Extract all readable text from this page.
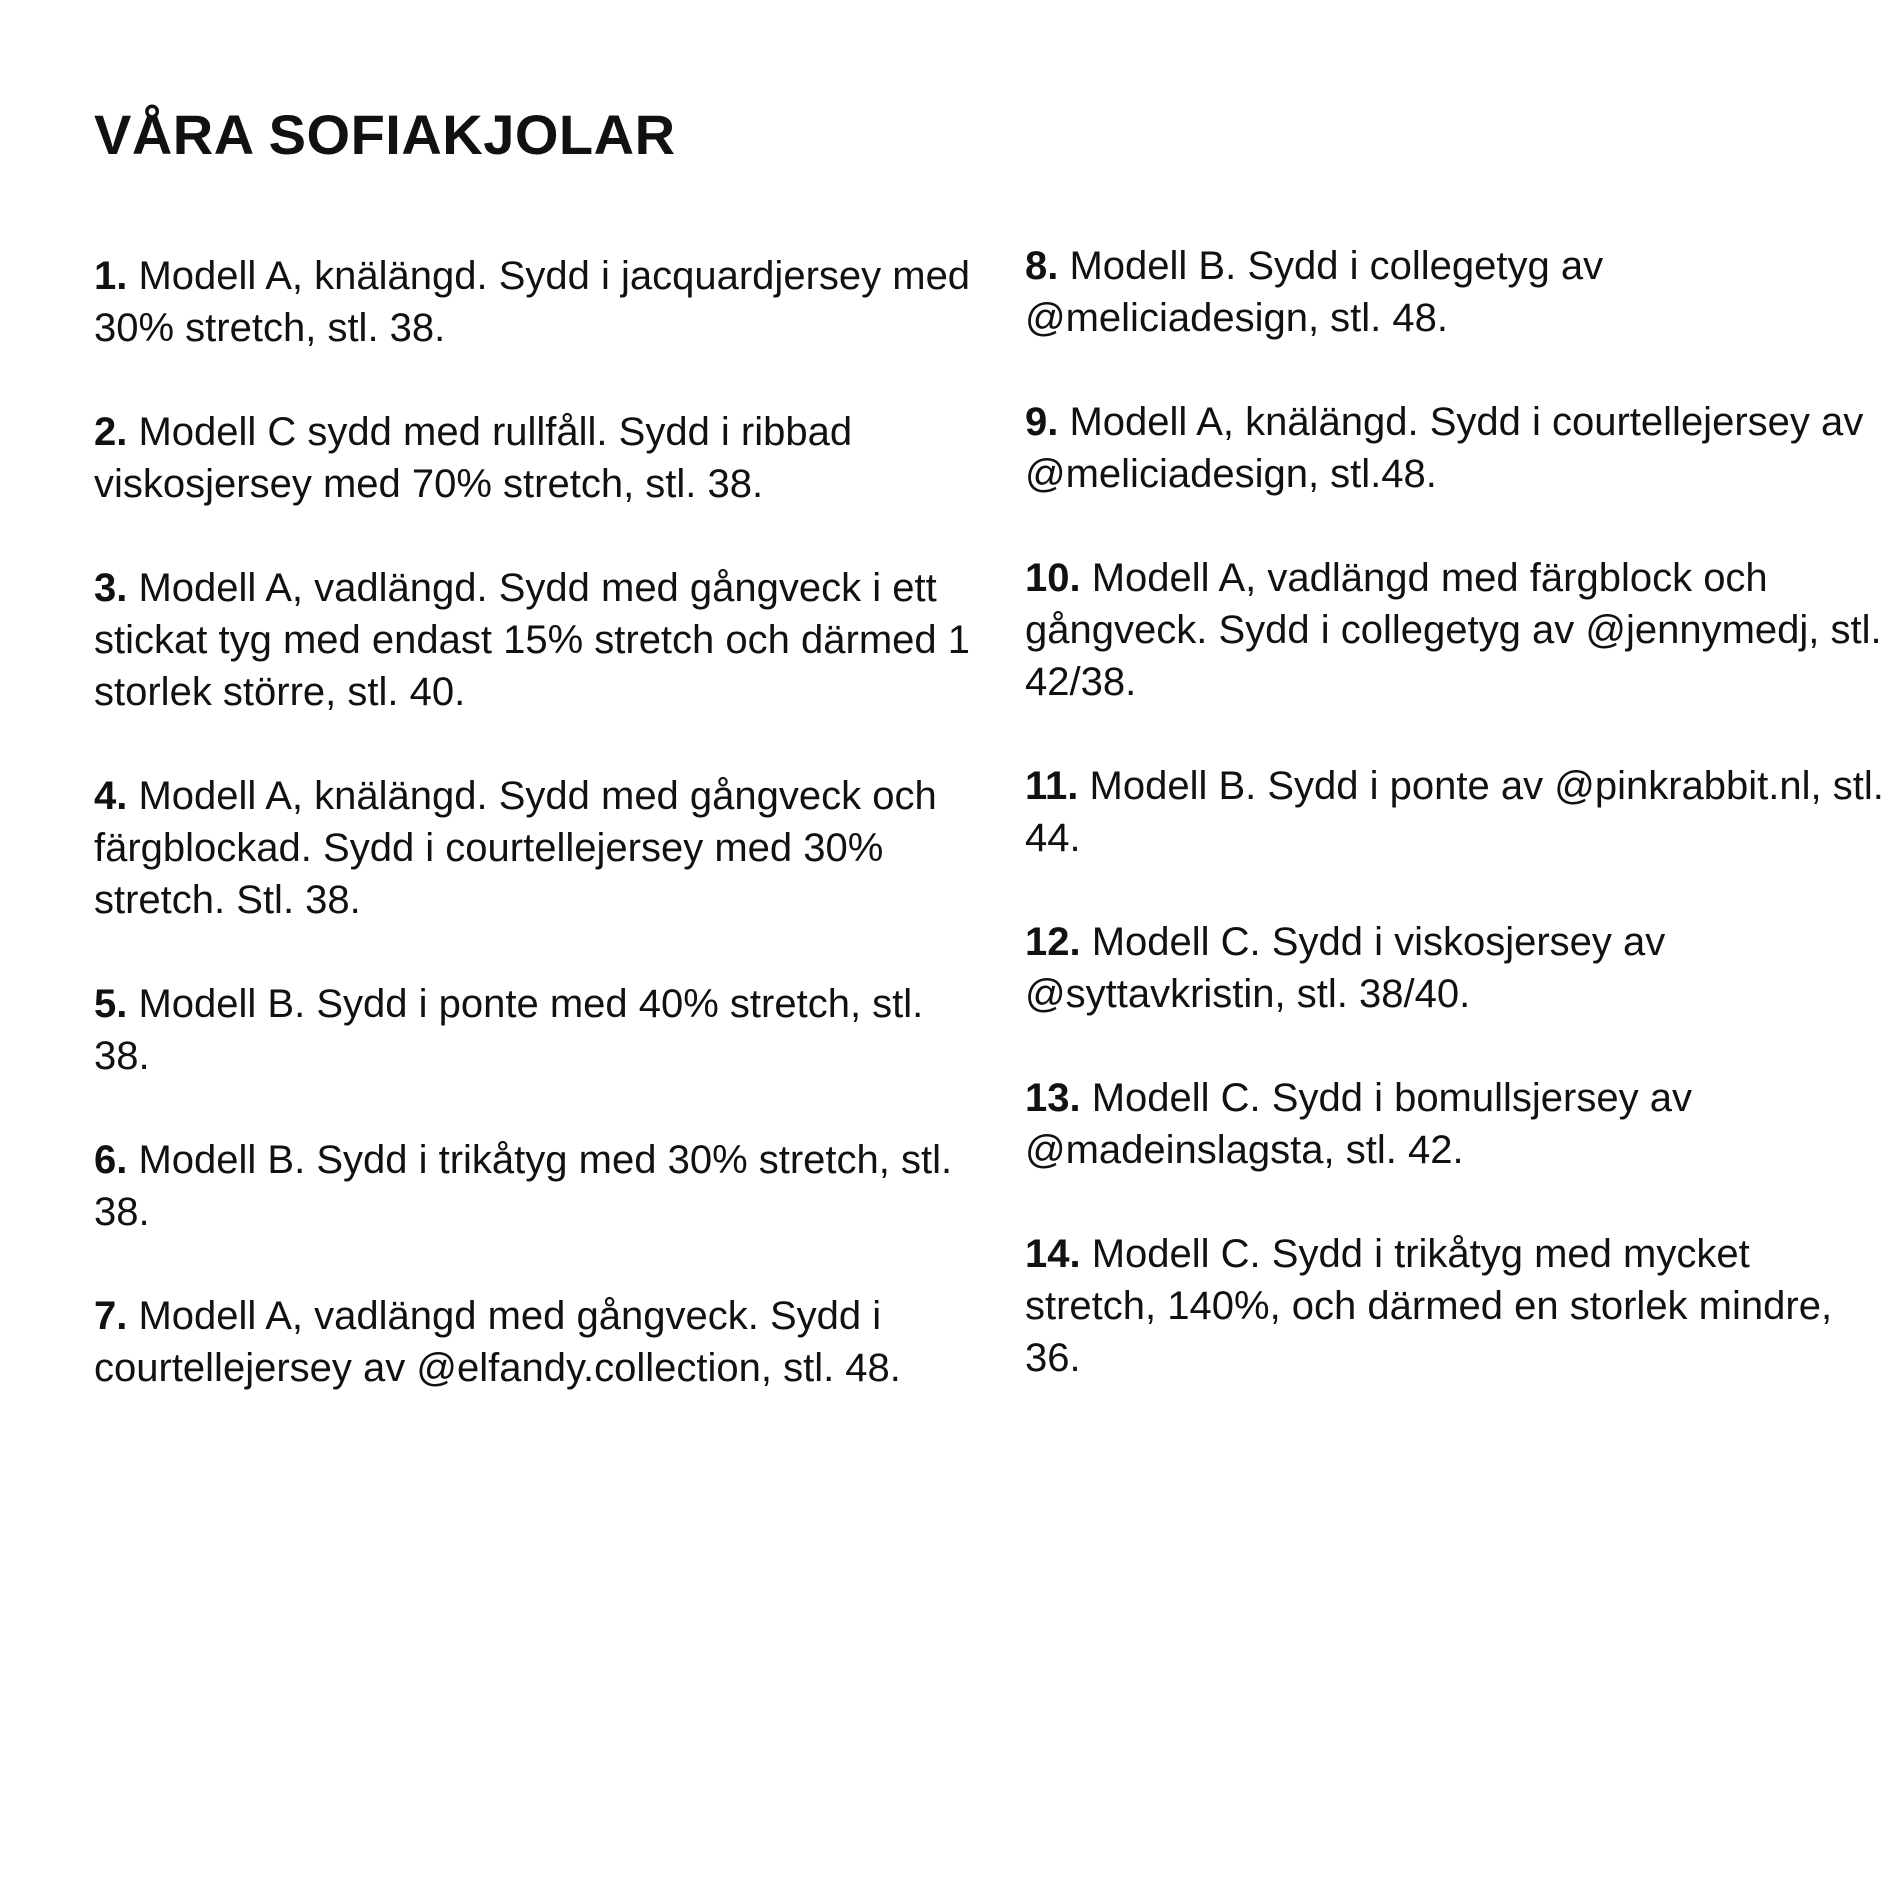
VÅRA SOFIAKJOLAR

1. Modell A, knälängd. Sydd i jacquardjersey med 30% stretch, stl. 38.

2. Modell C sydd med rullfåll. Sydd i ribbad viskosjersey med 70% stretch, stl. 38.

3. Modell A, vadlängd. Sydd med gångveck i ett stickat tyg med endast 15% stretch och därmed 1 storlek större, stl. 40.

4. Modell A, knälängd. Sydd med gångveck och färgblockad. Sydd i courtellejersey med 30% stretch. Stl. 38.

5. Modell B. Sydd i ponte med 40% stretch, stl. 38.

6. Modell B. Sydd i trikåtyg med 30% stretch, stl. 38.

7. Modell A, vadlängd med gångveck. Sydd i courtellejersey av @elfandy.collection, stl. 48.

8. Modell B. Sydd i collegetyg av @meliciadesign, stl. 48.

9. Modell A, knälängd. Sydd i courtellejersey av @meliciadesign, stl.48.

10. Modell A, vadlängd med färgblock och gångveck. Sydd i collegetyg av @jennymedj, stl. 42/38.

11. Modell B. Sydd i ponte av @pinkrabbit.nl, stl. 44.

12. Modell C. Sydd i viskosjersey av @syttavkristin, stl. 38/40.

13. Modell C. Sydd i bomullsjersey av @madeinslagsta, stl. 42.

14. Modell C. Sydd i trikåtyg med mycket stretch, 140%, och därmed en storlek mindre, 36.
